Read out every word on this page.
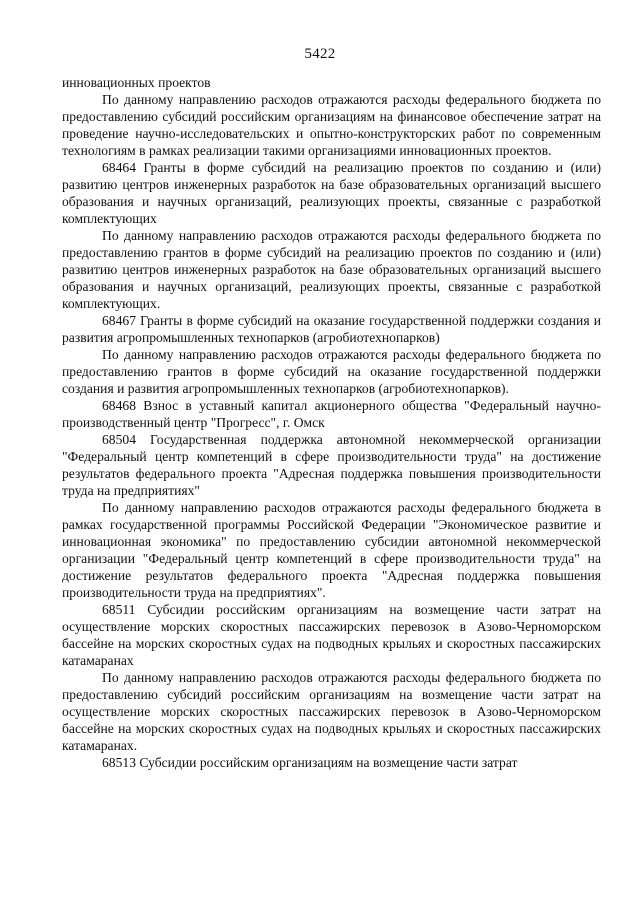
5422

инновационных проектов

По данному направлению расходов отражаются расходы федерального бюджета по предоставлению субсидий российским организациям на финансовое обеспечение затрат на проведение научно-исследовательских и опытно-конструкторских работ по современным технологиям в рамках реализации такими организациями инновационных проектов.

68464 Гранты в форме субсидий на реализацию проектов по созданию и (или) развитию центров инженерных разработок на базе образовательных организаций высшего образования и научных организаций, реализующих проекты, связанные с разработкой комплектующих

По данному направлению расходов отражаются расходы федерального бюджета по предоставлению грантов в форме субсидий на реализацию проектов по созданию и (или) развитию центров инженерных разработок на базе образовательных организаций высшего образования и научных организаций, реализующих проекты, связанные с разработкой комплектующих.

68467 Гранты в форме субсидий на оказание государственной поддержки создания и развития агропромышленных технопарков (агробиотехнопарков)

По данному направлению расходов отражаются расходы федерального бюджета по предоставлению грантов в форме субсидий на оказание государственной поддержки создания и развития агропромышленных технопарков (агробиотехнопарков).

68468 Взнос в уставный капитал акционерного общества "Федеральный научно-производственный центр "Прогресс", г. Омск

68504 Государственная поддержка автономной некоммерческой организации "Федеральный центр компетенций в сфере производительности труда" на достижение результатов федерального проекта "Адресная поддержка повышения производительности труда на предприятиях"

По данному направлению расходов отражаются расходы федерального бюджета в рамках государственной программы Российской Федерации "Экономическое развитие и инновационная экономика" по предоставлению субсидии автономной некоммерческой организации "Федеральный центр компетенций в сфере производительности труда" на достижение результатов федерального проекта "Адресная поддержка повышения производительности труда на предприятиях".

68511 Субсидии российским организациям на возмещение части затрат на осуществление морских скоростных пассажирских перевозок в Азово-Черноморском бассейне на морских скоростных судах на подводных крыльях и скоростных пассажирских катамаранах

По данному направлению расходов отражаются расходы федерального бюджета по предоставлению субсидий российским организациям на возмещение части затрат на осуществление морских скоростных пассажирских перевозок в Азово-Черноморском бассейне на морских скоростных судах на подводных крыльях и скоростных пассажирских катамаранах.

68513 Субсидии российским организациям на возмещение части затрат
